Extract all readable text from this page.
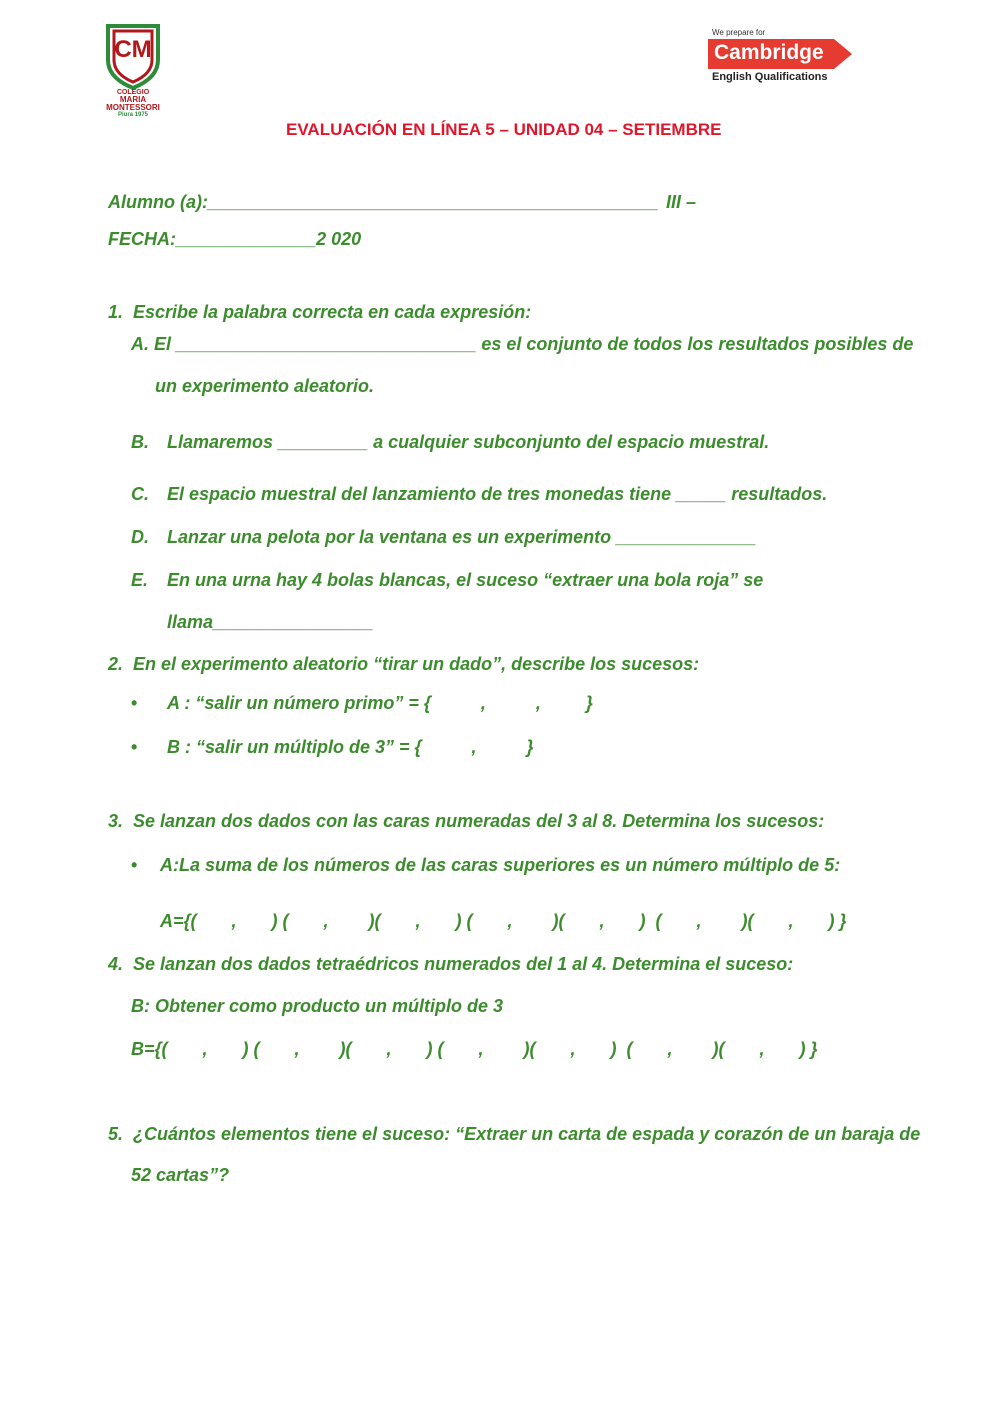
CM
COLEGIO
MARIA
MONTESSORI
Piura 1975
We prepare for
Cambridge
English Qualifications
EVALUACIÓN EN LÍNEA 5 – UNIDAD 04 – SETIEMBRE
Alumno (a):_____________________________________________ III –
FECHA:______________2 020
1.  Escribe la palabra correcta en cada expresión:
A. El ______________________________ es el conjunto de todos los resultados posibles de
un experimento aleatorio.
B. Llamaremos _________ a cualquier subconjunto del espacio muestral.
C. El espacio muestral del lanzamiento de tres monedas tiene _____ resultados.
D. Lanzar una pelota por la ventana es un experimento ______________
E. En una urna hay 4 bolas blancas, el suceso “extraer una bola roja” se
llama________________
2.  En el experimento aleatorio “tirar un dado”, describe los sucesos:
• A : “salir un número primo” = {          ,          ,         }
• B : “salir un múltiplo de 3” = {          ,          }
3.  Se lanzan dos dados con las caras numeradas del 3 al 8. Determina los sucesos:
• A:La suma de los números de las caras superiores es un número múltiplo de 5:
A={(       ,       ) (       ,        )(       ,       ) (       ,        )(       ,       )  (       ,        )(       ,       ) }
4.  Se lanzan dos dados tetraédricos numerados del 1 al 4. Determina el suceso:
B: Obtener como producto un múltiplo de 3
B={(       ,       ) (       ,        )(       ,       ) (       ,        )(       ,       )  (       ,        )(       ,       ) }
5.  ¿Cuántos elementos tiene el suceso: “Extraer un carta de espada y corazón de un baraja de
52 cartas”?
